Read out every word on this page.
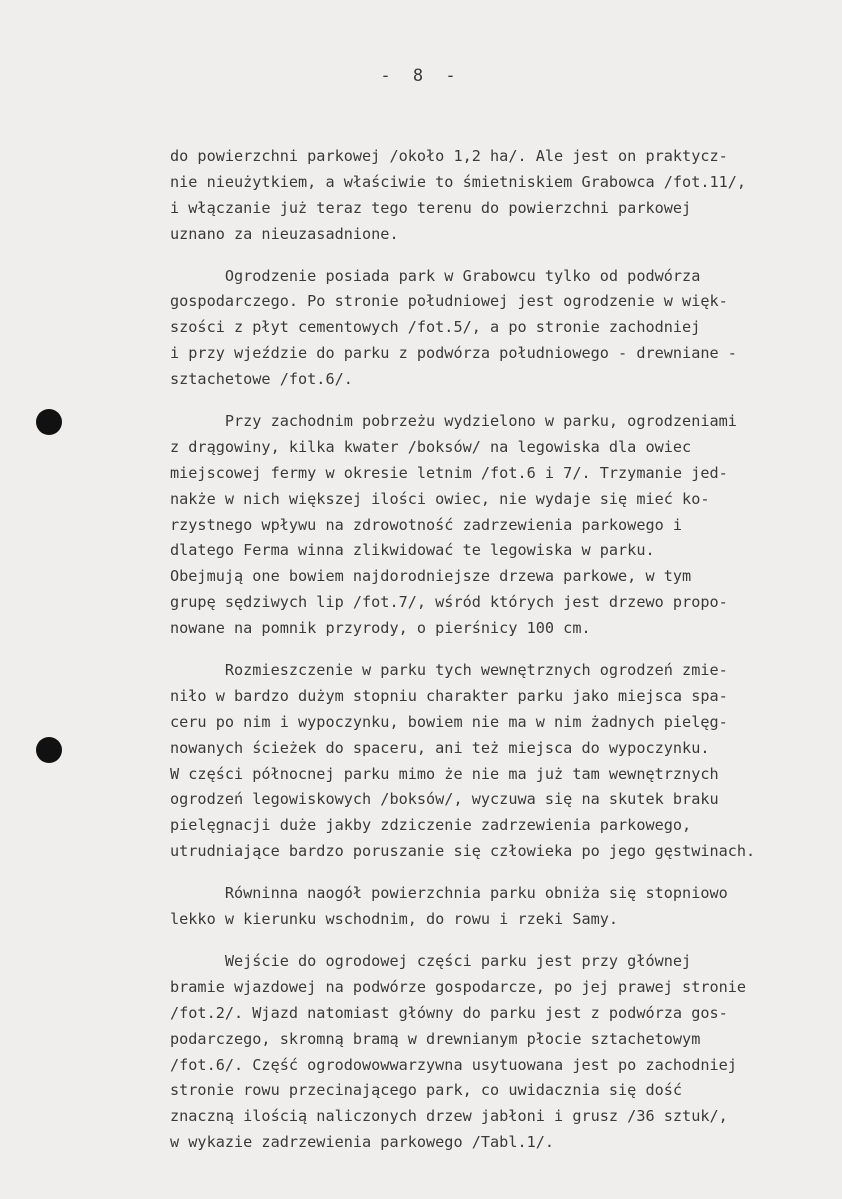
- 8 -
do powierzchni parkowej /około 1,2 ha/. Ale jest on praktycz-
nie nieużytkiem, a właściwie to śmietniskiem Grabowca /fot.11/,
i włączanie już teraz tego terenu do powierzchni parkowej
uznano za nieuzasadnione.
Ogrodzenie posiada park w Grabowcu tylko od podwórza
gospodarczego. Po stronie południowej jest ogrodzenie w więk-
szości z płyt cementowych /fot.5/, a po stronie zachodniej
i przy wjeździe do parku z podwórza południowego - drewniane -
sztachetowe /fot.6/.
Przy zachodnim pobrzeżu wydzielono w parku, ogrodzeniami
z drągowiny, kilka kwater /boksów/ na legowiska dla owiec
miejscowej fermy w okresie letnim /fot.6 i 7/. Trzymanie jed-
nakże w nich większej ilości owiec, nie wydaje się mieć ko-
rzystnego wpływu na zdrowotność zadrzewienia parkowego i
dlatego Ferma winna zlikwidować te legowiska w parku.
Obejmują one bowiem najdorodniejsze drzewa parkowe, w tym
grupę sędziwych lip /fot.7/, wśród których jest drzewo propo-
nowane na pomnik przyrody, o pierśnicy 100 cm.
Rozmieszczenie w parku tych wewnętrznych ogrodzeń zmie-
niło w bardzo dużym stopniu charakter parku jako miejsca spa-
ceru po nim i wypoczynku, bowiem nie ma w nim żadnych pielęg-
nowanych ścieżek do spaceru, ani też miejsca do wypoczynku.
W części północnej parku mimo że nie ma już tam wewnętrznych
ogrodzeń legowiskowych /boksów/, wyczuwa się na skutek braku
pielęgnacji duże jakby zdziczenie zadrzewienia parkowego,
utrudniające bardzo poruszanie się człowieka po jego gęstwinach.
Równinna naogół powierzchnia parku obniża się stopniowo
lekko w kierunku wschodnim, do rowu i rzeki Samy.
Wejście do ogrodowej części parku jest przy głównej
bramie wjazdowej na podwórze gospodarcze, po jej prawej stronie
/fot.2/. Wjazd natomiast główny do parku jest z podwórza gos-
podarczego, skromną bramą w drewnianym płocie sztachetowym
/fot.6/. Część ogrodowowwarzywna usytuowana jest po zachodniej
stronie rowu przecinającego park, co uwidacznia się dość
znaczną ilością naliczonych drzew jabłoni i grusz /36 sztuk/,
w wykazie zadrzewienia parkowego /Tabl.1/.
